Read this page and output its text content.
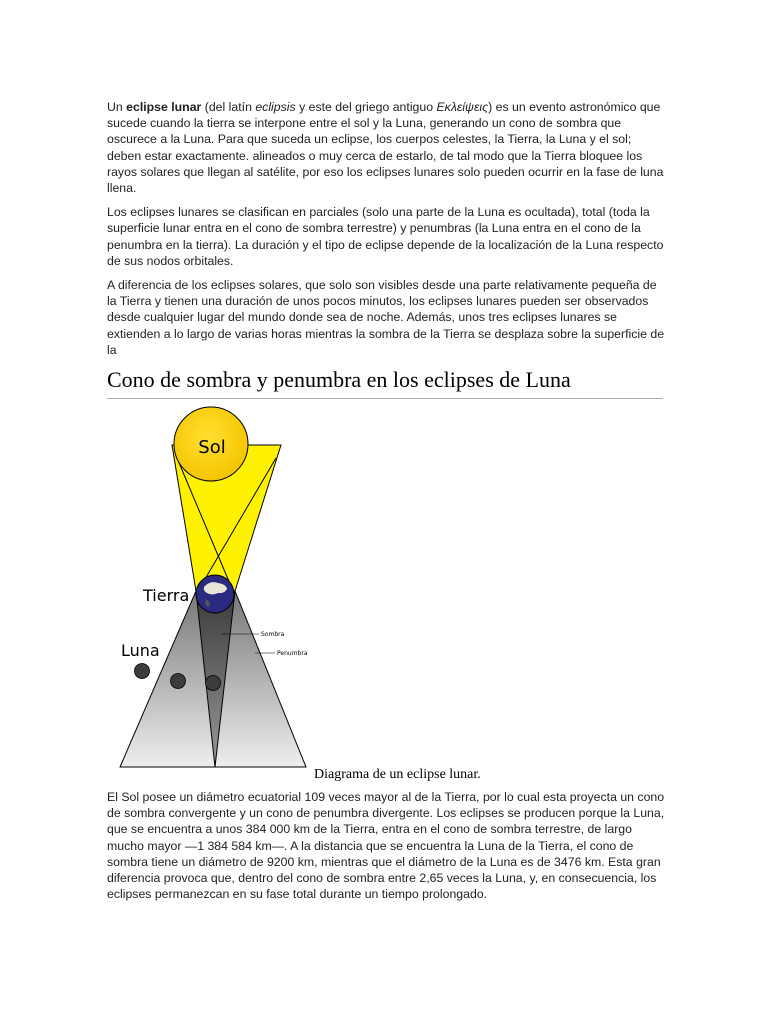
Un eclipse lunar (del latín eclipsis y este del griego antiguo Εκλείψεις) es un evento astronómico que sucede cuando la tierra se interpone entre el sol y la Luna, generando un cono de sombra que oscurece a la Luna. Para que suceda un eclipse, los cuerpos celestes, la Tierra, la Luna y el sol; deben estar exactamente. alineados o muy cerca de estarlo, de tal modo que la Tierra bloquee los rayos solares que llegan al satélite, por eso los eclipses lunares solo pueden ocurrir en la fase de luna llena.

Los eclipses lunares se clasifican en parciales (solo una parte de la Luna es ocultada), total (toda la superficie lunar entra en el cono de sombra terrestre) y penumbras (la Luna entra en el cono de la penumbra en la tierra). La duración y el tipo de eclipse depende de la localización de la Luna respecto de sus nodos orbitales.

A diferencia de los eclipses solares, que solo son visibles desde una parte relativamente pequeña de la Tierra y tienen una duración de unos pocos minutos, los eclipses lunares pueden ser observados desde cualquier lugar del mundo donde sea de noche. Además, unos tres eclipses lunares se extienden a lo largo de varias horas mientras la sombra de la Tierra se desplaza sobre la superficie de la

Cono de sombra y penumbra en los eclipses de Luna
Sol
Tierra
Luna
Sombra
Penumbra
Diagrama de un eclipse lunar.

El Sol posee un diámetro ecuatorial 109 veces mayor al de la Tierra, por lo cual esta proyecta un cono de sombra convergente y un cono de penumbra divergente. Los eclipses se producen porque la Luna, que se encuentra a unos 384 000 km de la Tierra, entra en el cono de sombra terrestre, de largo mucho mayor —1 384 584 km—. A la distancia que se encuentra la Luna de la Tierra, el cono de sombra tiene un diámetro de 9200 km, mientras que el diámetro de la Luna es de 3476 km. Esta gran diferencia provoca que, dentro del cono de sombra entre 2,65 veces la Luna, y, en consecuencia, los eclipses permanezcan en su fase total durante un tiempo prolongado.
